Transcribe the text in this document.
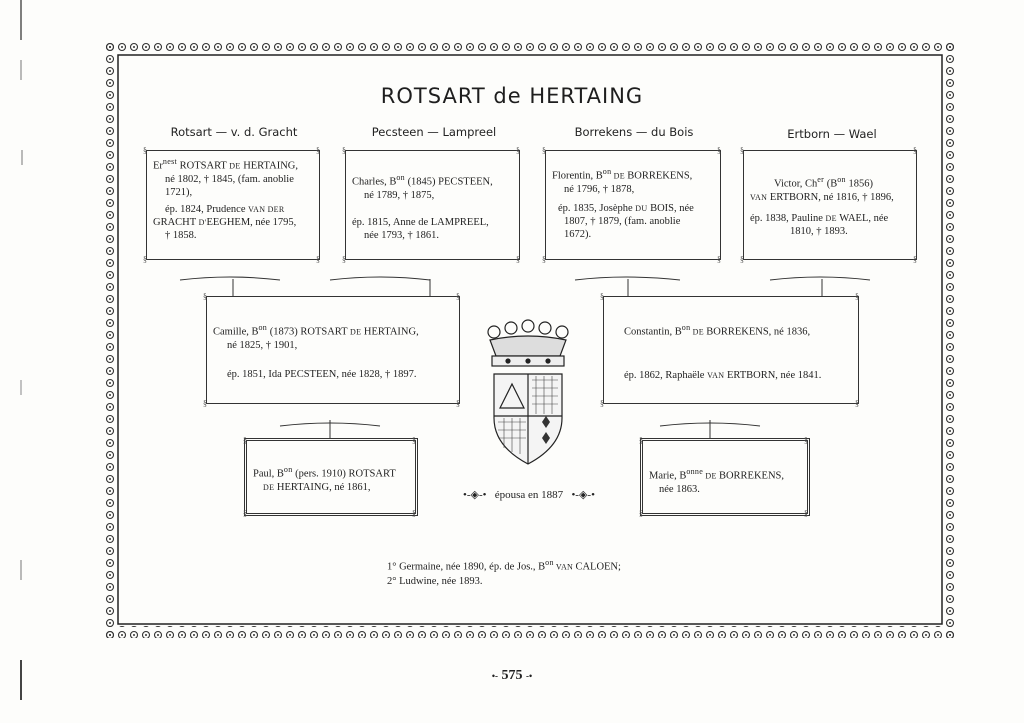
ROTSART de HERTAING
Rotsart — v. d. Gracht	Pecsteen — Lampreel	Borrekens — du Bois	Ertborn — Wael
§	§
§	§

$Er^{nest}$ ROTSART DE HERTAING,

né 1802, † 1845, (fam. anoblie

1721),

ép. 1824, Prudence VAN DER

GRACHT D'EEGHEM, née 1795,

† 1858.

§	§
§	§

Charles, $B^{on}$ (1845) PECSTEEN,

né 1789, † 1875,

ép. 1815, Anne de LAMPREEL,

née 1793, † 1861.

§	§
§	§

Florentin, $B^{on}$ DE BORREKENS,

né 1796, † 1878,

ép. 1835, Josèphe DU BOIS, née

1807, † 1879, (fam. anoblie

1672).

§	§
§	§

Victor, $Ch^{er}$ ($B^{on}$ 1856)

VAN ERTBORN, né 1816, † 1896,

ép. 1838, Pauline DE WAEL, née

1810, † 1893.

§	§
§	§

Camille, $B^{on}$ (1873) ROTSART DE HERTAING,

né 1825, † 1901,

ép. 1851, Ida PECSTEEN, née 1828, † 1897.

§	§
§	§

Constantin, $B^{on}$ DE BORREKENS, né 1836,

ép. 1862, Raphaële VAN ERTBORN, née 1841.

§	§
§	§

Paul, $B^{on}$ (pers. 1910) ROTSART

DE HERTAING, né 1861,

•-◈-• épousa en 1887 •-◈-•
§	§
§	§

Marie, $B^{onne}$ DE BORREKENS,

née 1863.

1° Germaine, née 1890, ép. de Jos., $B^{on}$ VAN CALOEN;
2° Ludwine, née 1893.
•- 575 -•
